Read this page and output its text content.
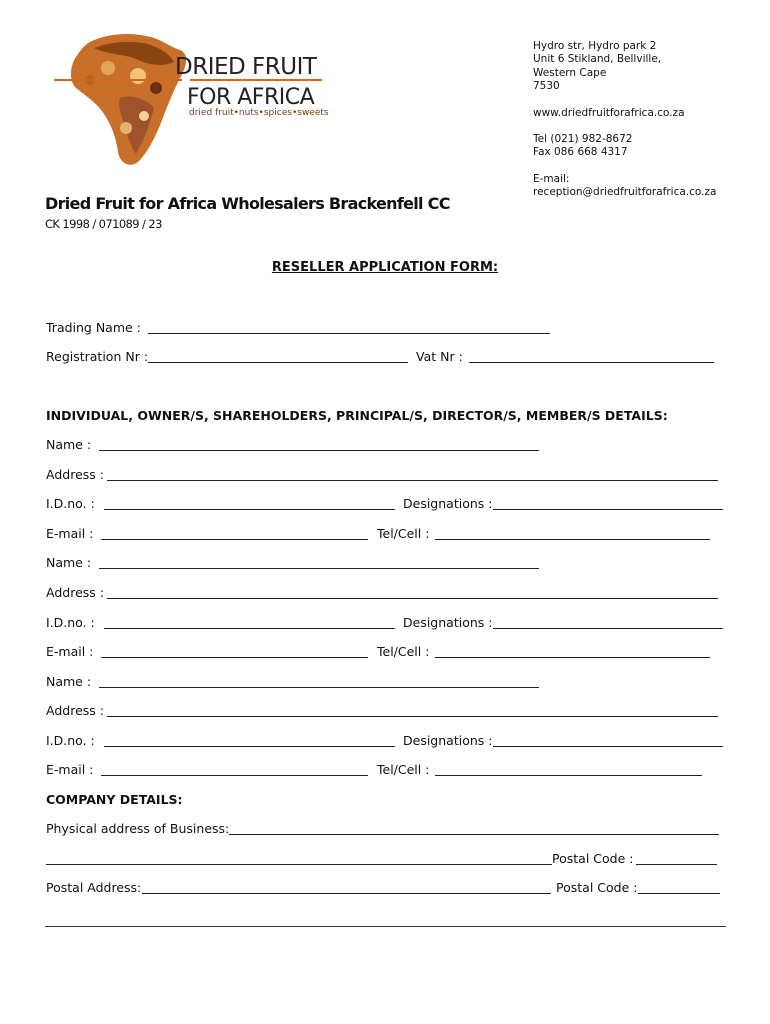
DRIED FRUIT
FOR AFRICA
dried fruit•nuts•spices•sweets
Hydro str, Hydro park 2
Unit 6 Stikland, Bellville,
Western Cape
7530
www.driedfruitforafrica.co.za
Tel (021) 982-8672
Fax 086 668 4317
E-mail:
reception@driedfruitforafrica.co.za
Dried Fruit for Africa Wholesalers Brackenfell CC
CK 1998 / 071089 / 23
RESELLER APPLICATION FORM:
Trading Name :
Registration Nr :	Vat Nr :
INDIVIDUAL, OWNER/S, SHAREHOLDERS, PRINCIPAL/S, DIRECTOR/S, MEMBER/S DETAILS:
Name :
Address :
I.D.no. :	Designations :
E-mail :	Tel/Cell :
Name :
Address :
I.D.no. :	Designations :
E-mail :	Tel/Cell :
Name :
Address :
I.D.no. :	Designations :
E-mail :	Tel/Cell :
COMPANY DETAILS:
Physical address of Business:
Postal Code :
Postal Address:	Postal Code :
